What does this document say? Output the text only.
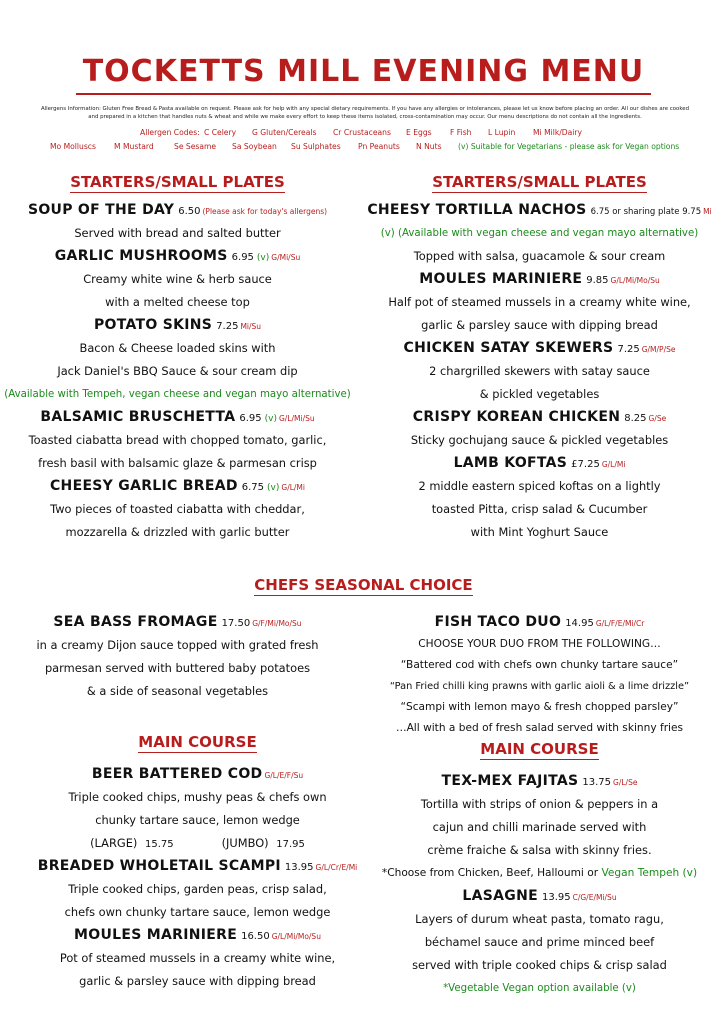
TOCKETTS MILL EVENING MENU
Allergens Information: Gluten Free Bread & Pasta available on request. Please ask for help with any special dietary requirements. If you have any allergies or intolerances, please let us know before placing an order. All our dishes are cooked and prepared in a kitchen that handles nuts & wheat and while we make every effort to keep these items isolated, cross-contamination may occur. Our menu descriptions do not contain all the ingredients.
Allergen Codes: C Celery G Gluten/Cereals Cr Crustaceans E Eggs F Fish L Lupin Mi Milk/Dairy
Mo Molluscs M Mustard	Se Sesame Sa Soybean Su Sulphates Pn Peanuts N Nuts (v) Suitable for Vegetarians - please ask for Vegan options
STARTERS/SMALL PLATES	STARTERS/SMALL PLATES
CHEFS SEASONAL CHOICE
MAIN COURSE	MAIN COURSE
SOUP OF THE DAY 6.50 (Please ask for today's allergens)
Served with bread and salted butter
GARLIC MUSHROOMS 6.95 (v) G/Mi/Su
Creamy white wine & herb sauce
with a melted cheese top
POTATO SKINS 7.25 Mi/Su
Bacon & Cheese loaded skins with
Jack Daniel's BBQ Sauce & sour cream dip
(Available with Tempeh, vegan cheese and vegan mayo alternative)
BALSAMIC BRUSCHETTA 6.95 (v) G/L/Mi/Su
Toasted ciabatta bread with chopped tomato, garlic,
fresh basil with balsamic glaze & parmesan crisp
CHEESY GARLIC BREAD 6.75 (v) G/L/Mi
Two pieces of toasted ciabatta with cheddar,
mozzarella & drizzled with garlic butter
CHEESY TORTILLA NACHOS 6.75 or sharing plate 9.75 Mi
(v) (Available with vegan cheese and vegan mayo alternative)
Topped with salsa, guacamole & sour cream
MOULES MARINIERE 9.85 G/L/Mi/Mo/Su
Half pot of steamed mussels in a creamy white wine,
garlic & parsley sauce with dipping bread
CHICKEN SATAY SKEWERS 7.25 G/M/P/Se
2 chargrilled skewers with satay sauce
& pickled vegetables
CRISPY KOREAN CHICKEN 8.25 G/Se
Sticky gochujang sauce & pickled vegetables
LAMB KOFTAS £7.25 G/L/Mi
2 middle eastern spiced koftas on a lightly
toasted Pitta, crisp salad & Cucumber
with Mint Yoghurt Sauce
SEA BASS FROMAGE 17.50 G/F/Mi/Mo/Su
in a creamy Dijon sauce topped with grated fresh
parmesan served with buttered baby potatoes
& a side of seasonal vegetables
FISH TACO DUO 14.95 G/L/F/E/Mi/Cr
CHOOSE YOUR DUO FROM THE FOLLOWING…
“Battered cod with chefs own chunky tartare sauce”
“Pan Fried chilli king prawns with garlic aioli & a lime drizzle”
“Scampi with lemon mayo & fresh chopped parsley”
…All with a bed of fresh salad served with skinny fries
BEER BATTERED COD G/L/E/F/Su
Triple cooked chips, mushy peas & chefs own
chunky tartare sauce, lemon wedge
(LARGE) 15.75	(JUMBO) 17.95
BREADED WHOLETAIL SCAMPI 13.95 G/L/Cr/E/Mi
Triple cooked chips, garden peas, crisp salad,
chefs own chunky tartare sauce, lemon wedge
MOULES MARINIERE 16.50 G/L/Mi/Mo/Su
Pot of steamed mussels in a creamy white wine,
garlic & parsley sauce with dipping bread
TEX-MEX FAJITAS 13.75 G/L/Se
Tortilla with strips of onion & peppers in a
cajun and chilli marinade served with
crème fraiche & salsa with skinny fries.
*Choose from Chicken, Beef, Halloumi or Vegan Tempeh (v)
LASAGNE 13.95 C/G/E/Mi/Su
Layers of durum wheat pasta, tomato ragu,
béchamel sauce and prime minced beef
served with triple cooked chips & crisp salad
*Vegetable Vegan option available (v)
